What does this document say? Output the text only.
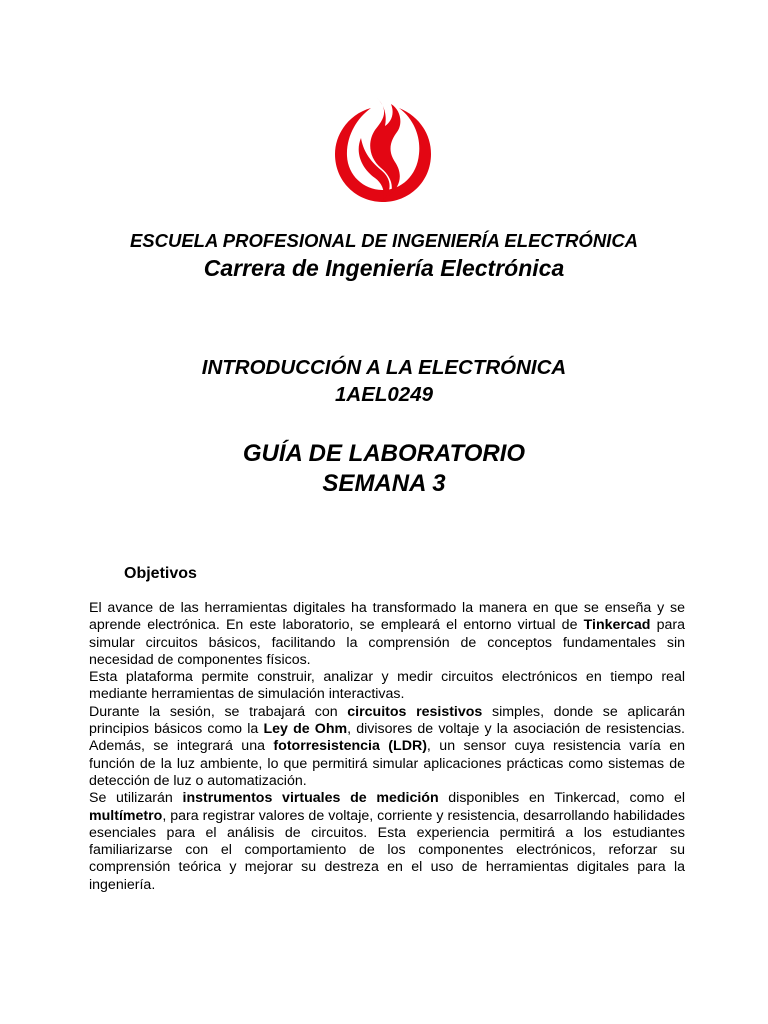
ESCUELA PROFESIONAL DE INGENIERÍA ELECTRÓNICA
Carrera de Ingeniería Electrónica
INTRODUCCIÓN A LA ELECTRÓNICA
1AEL0249
GUÍA DE LABORATORIO
SEMANA 3
Objetivos

El avance de las herramientas digitales ha transformado la manera en que se enseña y se aprende electrónica. En este laboratorio, se empleará el entorno virtual de Tinkercad para simular circuitos básicos, facilitando la comprensión de conceptos fundamentales sin necesidad de componentes físicos.

Esta plataforma permite construir, analizar y medir circuitos electrónicos en tiempo real mediante herramientas de simulación interactivas.

Durante la sesión, se trabajará con circuitos resistivos simples, donde se aplicarán principios básicos como la Ley de Ohm, divisores de voltaje y la asociación de resistencias. Además, se integrará una fotorresistencia (LDR), un sensor cuya resistencia varía en función de la luz ambiente, lo que permitirá simular aplicaciones prácticas como sistemas de detección de luz o automatización.

Se utilizarán instrumentos virtuales de medición disponibles en Tinkercad, como el multímetro, para registrar valores de voltaje, corriente y resistencia, desarrollando habilidades esenciales para el análisis de circuitos. Esta experiencia permitirá a los estudiantes familiarizarse con el comportamiento de los componentes electrónicos, reforzar su comprensión teórica y mejorar su destreza en el uso de herramientas digitales para la ingeniería.
